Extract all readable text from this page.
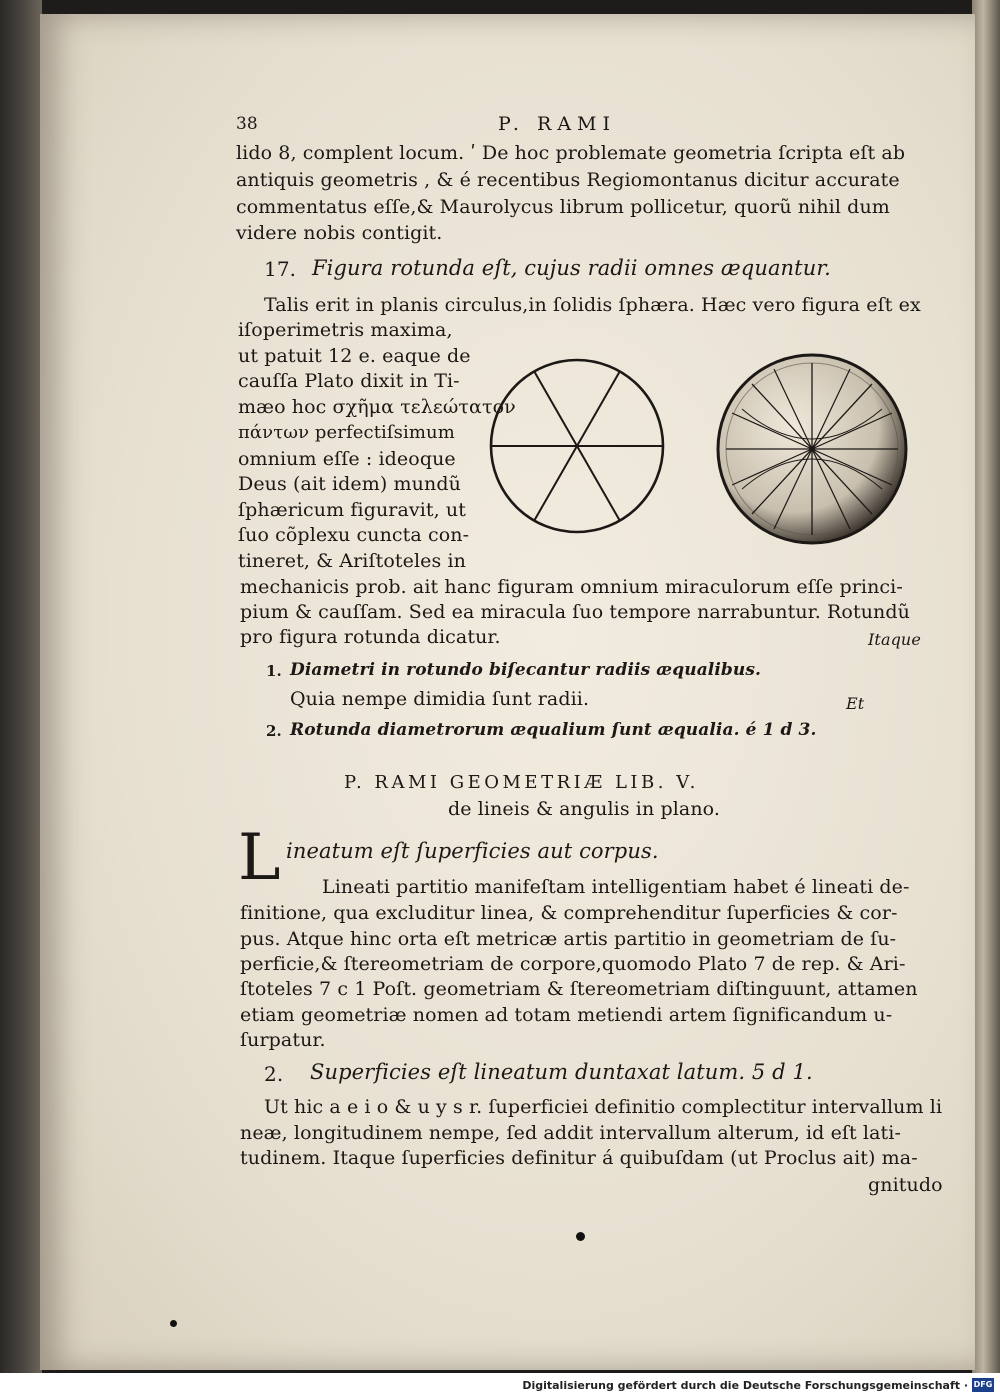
38	P. RAMI
lido 8, complent locum. ʹ De hoc problemate geometria ſcripta eſt ab
antiquis geometris , & é recentibus Regiomontanus dicitur accurate
commentatus eſſe,& Maurolycus librum pollicetur, quorũ nihil dum
videre nobis contigit.
17. Figura rotunda eſt, cujus radii omnes æquantur.
Talis erit in planis circulus,in ſolidis ſphæra. Hæc vero figura eſt ex
iſoperimetris maxima,
ut patuit 12 e. eaque de
cauſſa Plato dixit in Ti-
mæo hoc σχῆμα τελεώτατον
πάντων perfectiſsimum
omnium eſſe : ideoque
Deus (ait idem) mundũ
ſphæricum figuravit, ut
ſuo cõplexu cuncta con-
tineret, & Ariſtoteles in
mechanicis prob. ait hanc figuram omnium miraculorum eſſe princi-
pium & cauſſam. Sed ea miracula ſuo tempore narrabuntur. Rotundũ
pro figura rotunda dicatur.	Itaque
1. Diametri in rotundo biſecantur radiis æqualibus.
Quia nempe dimidia ſunt radii.	Et
2. Rotunda diametrorum æqualium ſunt æqualia. é 1 d 3.
P. RAMI GEOMETRIÆ LIB. V.
de lineis & angulis in plano.
L ineatum eſt ſuperficies aut corpus.
Lineati partitio manifeſtam intelligentiam habet é lineati de-
finitione, qua excluditur linea, & comprehenditur ſuperficies & cor-
pus. Atque hinc orta eſt metricæ artis partitio in geometriam de ſu-
perficie,& ſtereometriam de corpore,quomodo Plato 7 de rep. & Ari-
ſtoteles 7 c 1 Poſt. geometriam & ſtereometriam diſtinguunt, attamen
etiam geometriæ nomen ad totam metiendi artem ſignificandum u-
ſurpatur.
2. Superficies eſt lineatum duntaxat latum. 5 d 1.
Ut hic a e i o & u y s r. ſuperficiei definitio complectitur intervallum li
neæ, longitudinem nempe, ſed addit intervallum alterum, id eſt lati-
tudinem. Itaque ſuperficies definitur á quibuſdam (ut Proclus ait) ma-
gnitudo
Digitalisierung gefördert durch die Deutsche Forschungsgemeinschaft · DFG
